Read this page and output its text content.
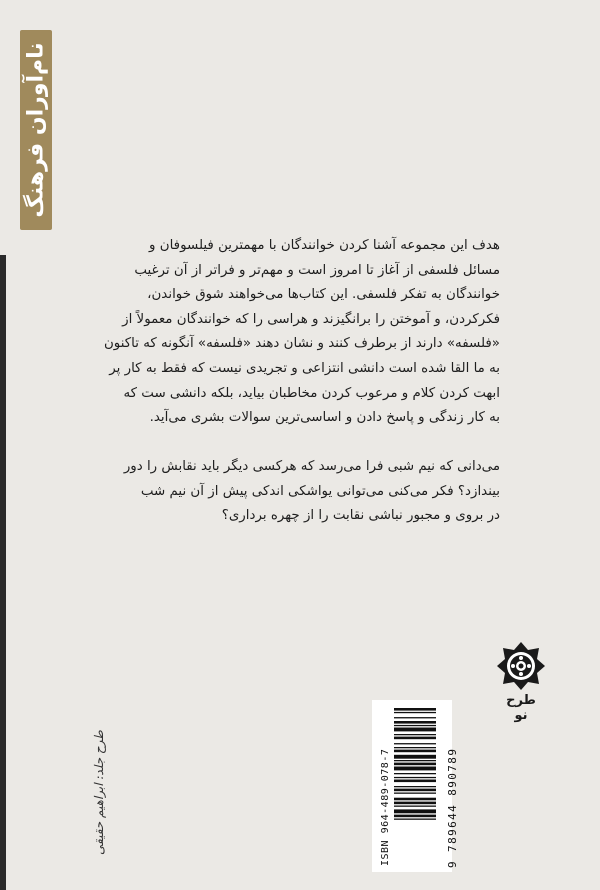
نام‌آوران فرهنگ
هدف این مجموعه آشنا کردن خوانندگان با مهمترین فیلسوفان و
مسائل فلسفی از آغاز تا امروز است و مهم‌تر و فراتر از آن ترغیب
خوانندگان به تفکر فلسفی. این کتاب‌ها می‌خواهند شوق خواندن،
فکرکردن، و آموختن را برانگیزند و هراسی را که خوانندگان معمولاً از
«فلسفه» دارند از برطرف کنند و نشان دهند «فلسفه» آنگونه که تاکنون
به ما القا شده است دانشی انتزاعی و تجریدی نیست که فقط به کار پر
ابهت کردن کلام و مرعوب کردن مخاطبان بیاید، بلکه دانشی ست که
به کار زندگی و پاسخ دادن و اساسی‌ترین سوالات بشری می‌آید.
می‌دانی که نیم شبی فرا می‌رسد که هرکسی دیگر باید نقابش را دور
بیندازد؟ فکر می‌کنی می‌توانی یواشکی اندکی پیش از آن نیم شب
در بروی و مجبور نباشی نقابت را از چهره برداری؟
طرح نو
طرح جلد: ابراهیم حقیقی	ISBN 964-489-078-7	9 789644 890789
